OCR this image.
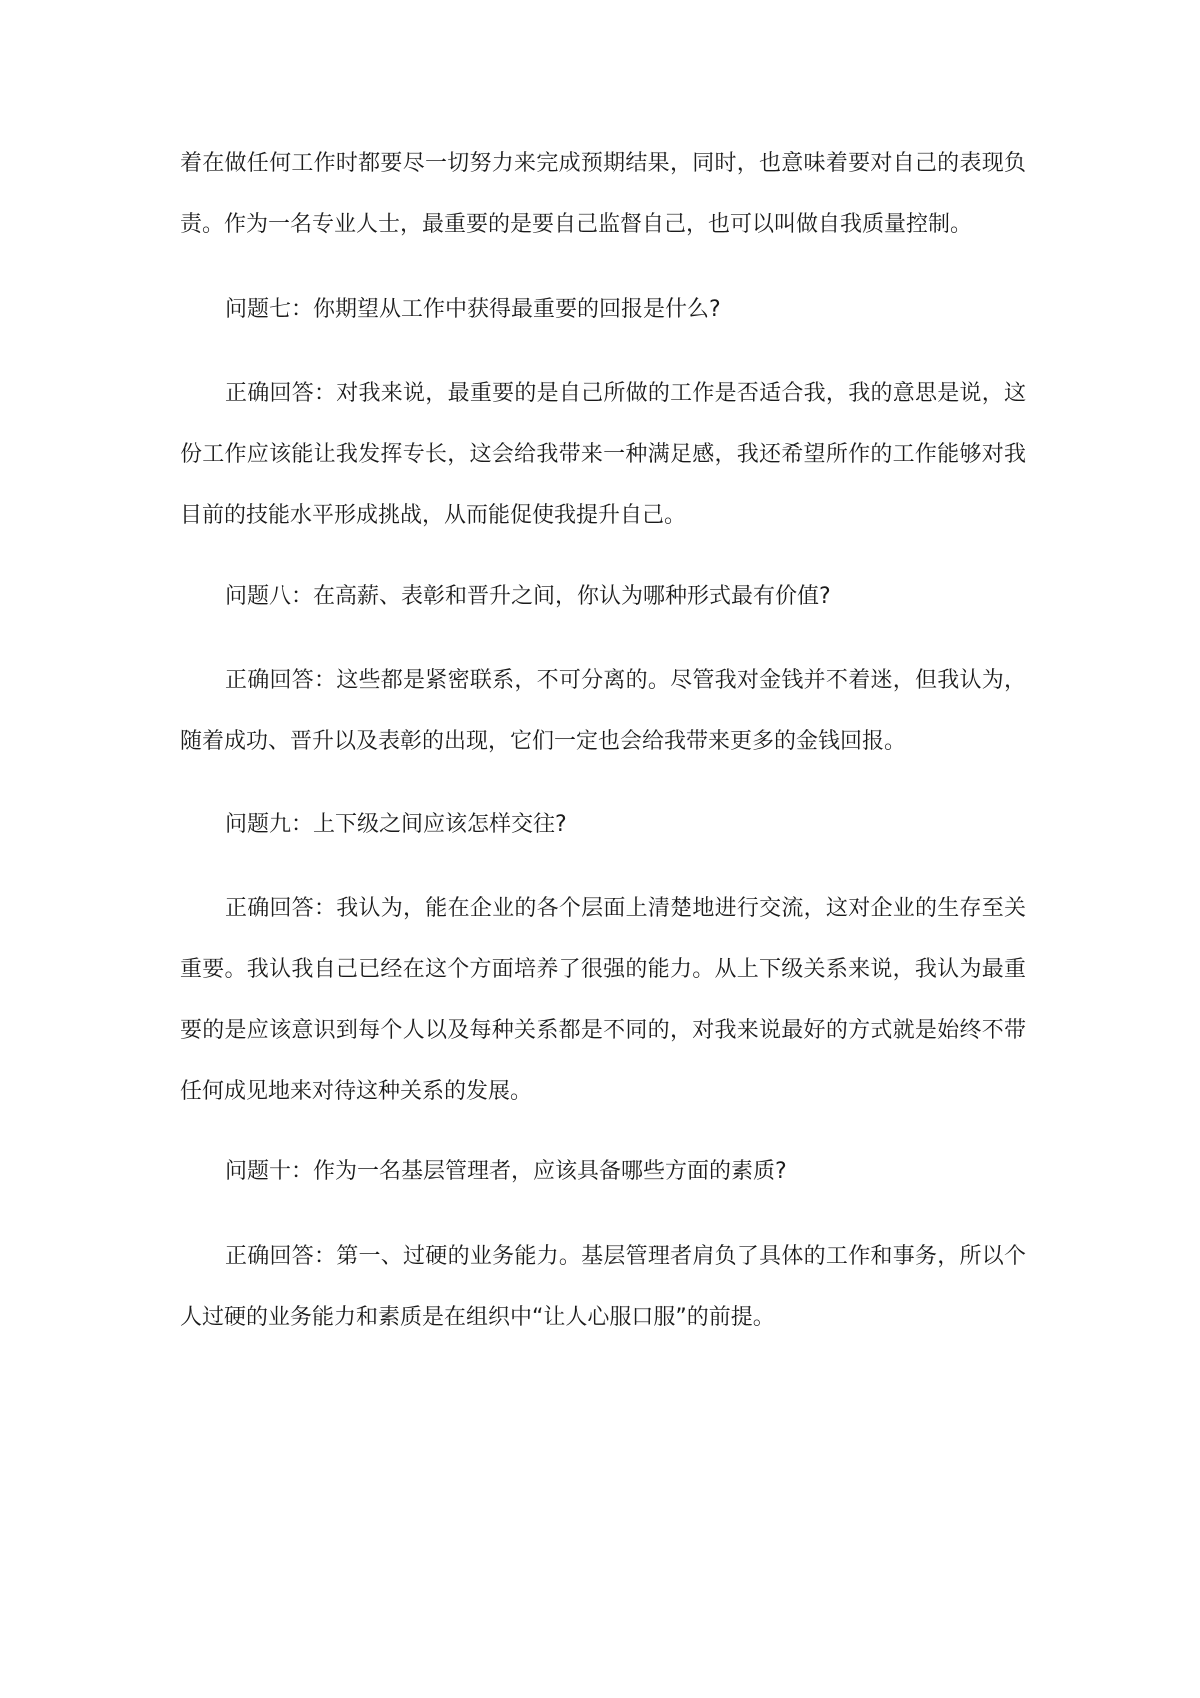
着在做任何工作时都要尽一切努力来完成预期结果，同时，也意味着要对自己的表现负责。作为一名专业人士，最重要的是要自己监督自己，也可以叫做自我质量控制。

问题七：你期望从工作中获得最重要的回报是什么?

正确回答：对我来说，最重要的是自己所做的工作是否适合我，我的意思是说，这份工作应该能让我发挥专长，这会给我带来一种满足感，我还希望所作的工作能够对我目前的技能水平形成挑战，从而能促使我提升自己。

问题八：在高薪、表彰和晋升之间，你认为哪种形式最有价值?

正确回答：这些都是紧密联系，不可分离的。尽管我对金钱并不着迷，但我认为，随着成功、晋升以及表彰的出现，它们一定也会给我带来更多的金钱回报。

问题九：上下级之间应该怎样交往?

正确回答：我认为，能在企业的各个层面上清楚地进行交流，这对企业的生存至关重要。我认我自己已经在这个方面培养了很强的能力。从上下级关系来说，我认为最重要的是应该意识到每个人以及每种关系都是不同的，对我来说最好的方式就是始终不带任何成见地来对待这种关系的发展。

问题十：作为一名基层管理者，应该具备哪些方面的素质?

正确回答：第一、过硬的业务能力。基层管理者肩负了具体的工作和事务，所以个人过硬的业务能力和素质是在组织中“让人心服口服”的前提。
